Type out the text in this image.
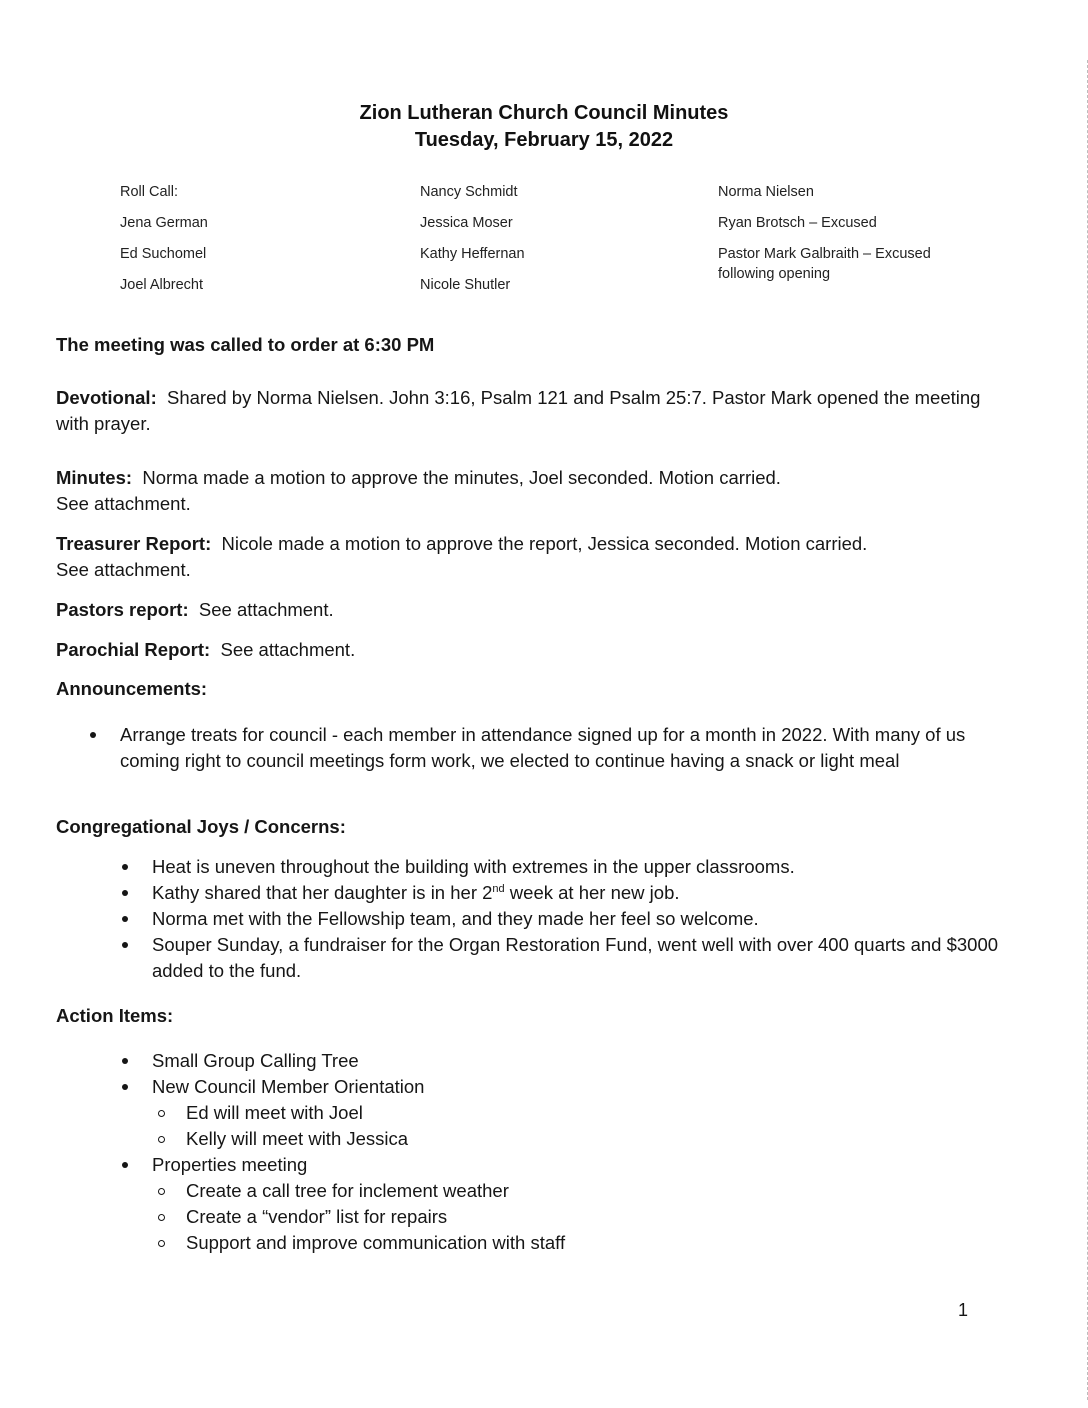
Zion Lutheran Church Council Minutes
Tuesday, February 15, 2022

Roll Call:

Jena German

Ed Suchomel

Joel Albrecht

Nancy Schmidt

Jessica Moser

Kathy Heffernan

Nicole Shutler

Norma Nielsen

Ryan Brotsch – Excused

Pastor Mark Galbraith – Excused following opening

The meeting was called to order at 6:30 PM

Devotional: Shared by Norma Nielsen. John 3:16, Psalm 121 and Psalm 25:7. Pastor Mark opened the meeting with prayer.

Minutes: Norma made a motion to approve the minutes, Joel seconded. Motion carried.
See attachment.

Treasurer Report: Nicole made a motion to approve the report, Jessica seconded. Motion carried.
See attachment.

Pastors report: See attachment.

Parochial Report: See attachment.

Announcements:

Arrange treats for council - each member in attendance signed up for a month in 2022. With many of us coming right to council meetings form work, we elected to continue having a snack or light meal

Congregational Joys / Concerns:

Heat is uneven throughout the building with extremes in the upper classrooms.
Kathy shared that her daughter is in her 2nd week at her new job.
Norma met with the Fellowship team, and they made her feel so welcome.
Souper Sunday, a fundraiser for the Organ Restoration Fund, went well with over 400 quarts and $3000 added to the fund.

Action Items:

Small Group Calling Tree
New Council Member Orientation
Ed will meet with Joel
Kelly will meet with Jessica
Properties meeting
Create a call tree for inclement weather
Create a “vendor” list for repairs
Support and improve communication with staff
1
